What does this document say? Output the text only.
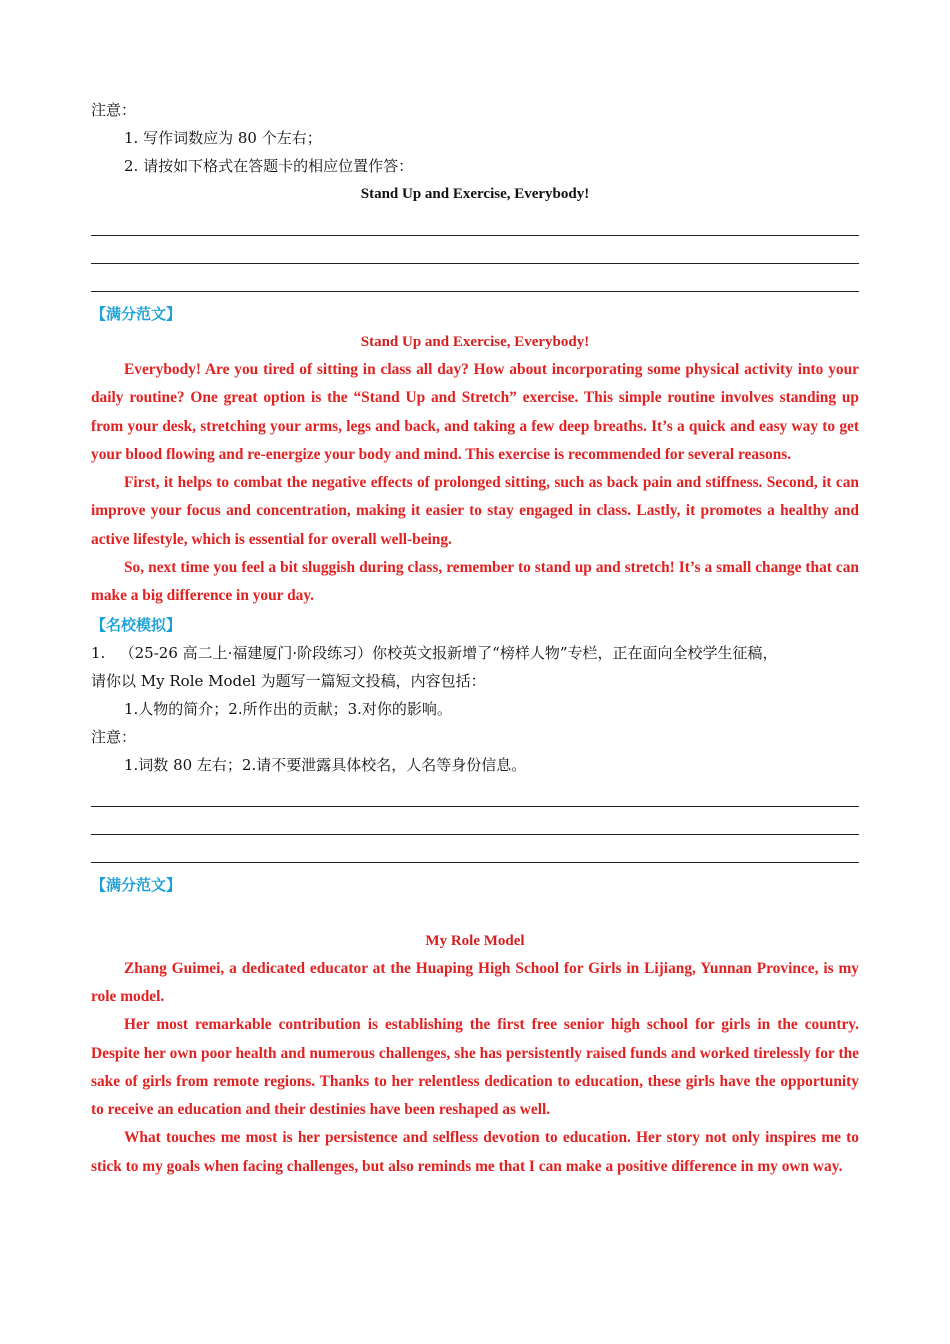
注意：
1. 写作词数应为 80 个左右；
2. 请按如下格式在答题卡的相应位置作答：
Stand Up and Exercise, Everybody!
【满分范文】
Stand Up and Exercise, Everybody!

Everybody! Are you tired of sitting in class all day? How about incorporating some physical activity into your daily routine? One great option is the “Stand Up and Stretch” exercise. This simple routine involves standing up from your desk, stretching your arms, legs and back, and taking a few deep breaths. It’s a quick and easy way to get your blood flowing and re-energize your body and mind. This exercise is recommended for several reasons.

First, it helps to combat the negative effects of prolonged sitting, such as back pain and stiffness. Second, it can improve your focus and concentration, making it easier to stay engaged in class. Lastly, it promotes a healthy and active lifestyle, which is essential for overall well-being.

So, next time you feel a bit sluggish during class, remember to stand up and stretch! It’s a small change that can make a big difference in your day.

【名校模拟】
1.   （25-26 高二上·福建厦门·阶段练习）你校英文报新增了“榜样人物”专栏，正在面向全校学生征稿，
请你以 My Role Model 为题写一篇短文投稿，内容包括：
1.人物的简介；2.所作出的贡献；3.对你的影响。
注意：
1.词数 80 左右；2.请不要泄露具体校名，人名等身份信息。
【满分范文】
My Role Model

Zhang Guimei, a dedicated educator at the Huaping High School for Girls in Lijiang, Yunnan Province, is my role model.

Her most remarkable contribution is establishing the first free senior high school for girls in the country. Despite her own poor health and numerous challenges, she has persistently raised funds and worked tirelessly for the sake of girls from remote regions. Thanks to her relentless dedication to education, these girls have the opportunity to receive an education and their destinies have been reshaped as well.

What touches me most is her persistence and selfless devotion to education. Her story not only inspires me to stick to my goals when facing challenges, but also reminds me that I can make a positive difference in my own way.
